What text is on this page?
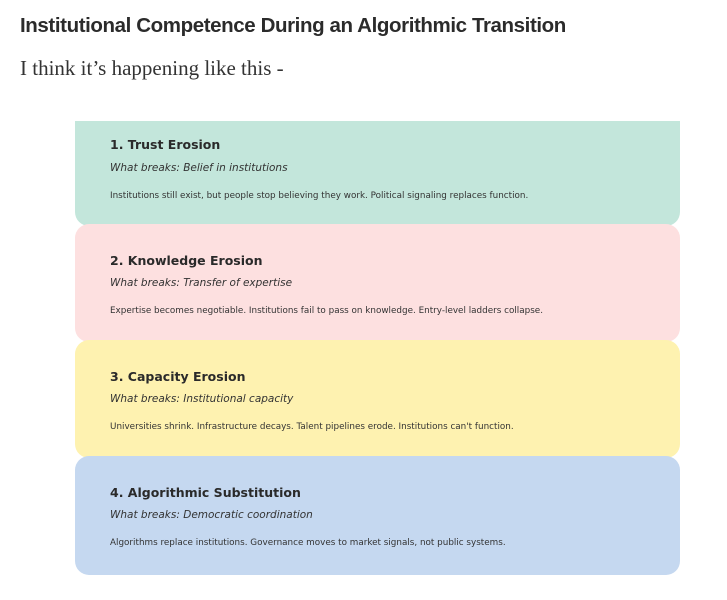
Institutional Competence During an Algorithmic Transition
I think it’s happening like this -
1. Trust Erosion
What breaks: Belief in institutions
Institutions still exist, but people stop believing they work. Political signaling replaces function.
2. Knowledge Erosion
What breaks: Transfer of expertise
Expertise becomes negotiable. Institutions fail to pass on knowledge. Entry-level ladders collapse.
3. Capacity Erosion
What breaks: Institutional capacity
Universities shrink. Infrastructure decays. Talent pipelines erode. Institutions can't function.
4. Algorithmic Substitution
What breaks: Democratic coordination
Algorithms replace institutions. Governance moves to market signals, not public systems.
